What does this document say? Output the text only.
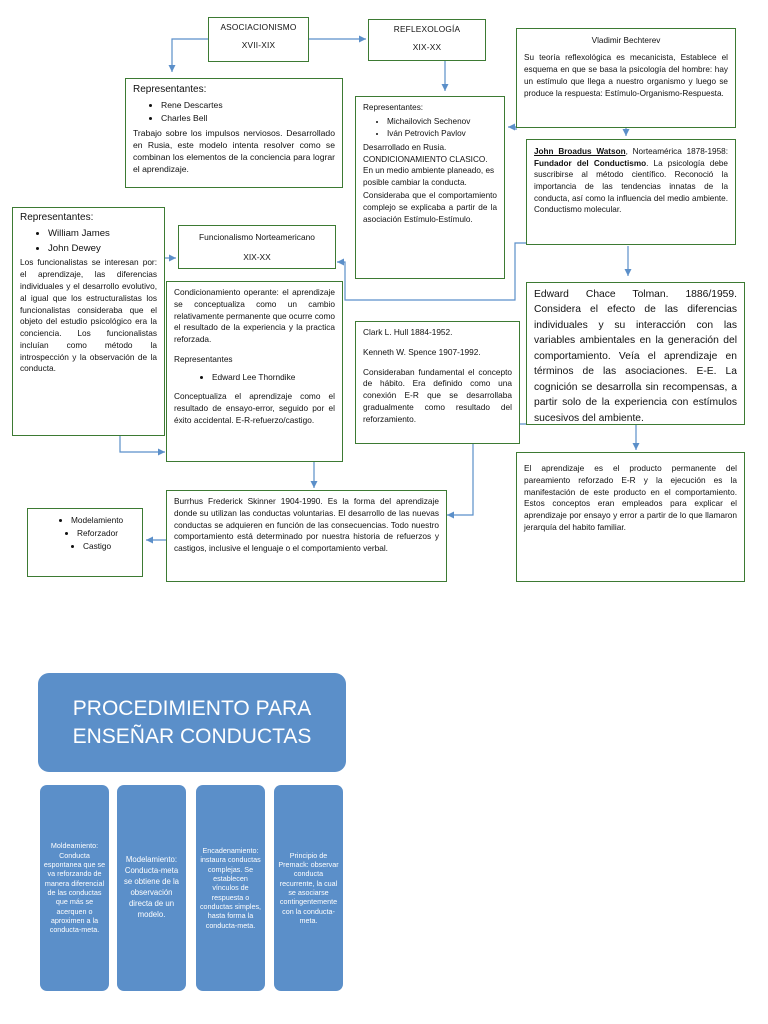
ASOCIACIONISMO

XVII-XIX

REFLEXOLOGÍA

XIX-XX

Vladimir Bechterev

Su teoría reflexológica es mecanicista, Establece el esquema en que se basa la psicología del hombre: hay un estímulo que llega a nuestro organismo y luego se produce la respuesta: Estímulo-Organismo-Respuesta.

Representantes:

• Rene Descartes
• Charles Bell

Trabajo sobre los impulsos nerviosos. Desarrollado en Rusia, este modelo intenta resolver como se combinan los elementos de la conciencia para lograr el aprendizaje.

Representantes:

• Michailovich Sechenov
• Iván Petrovich Pavlov

Desarrollado en Rusia. CONDICIONAMIENTO CLASICO. En un medio ambiente planeado, es posible cambiar la conducta.

Consideraba que el comportamiento complejo se explicaba a partir de la asociación Estímulo-Estímulo.

John Broadus Watson, Norteamérica 1878-1958: Fundador del Conductismo. La psicología debe suscribirse al método científico. Reconoció la importancia de las tendencias innatas de la conducta, así como la influencia del medio ambiente. Conductismo molecular.

Representantes:

• William James
• John Dewey

Los funcionalistas se interesan por: el aprendizaje, las diferencias individuales y el desarrollo evolutivo, al igual que los estructuralistas los funcionalistas consideraba que el objeto del estudio psicológico era la conciencia. Los funcionalistas incluían como método la introspección y la observación de la conducta.

Funcionalismo Norteamericano

XIX-XX

Condicionamiento operante: el aprendizaje se conceptualiza como un cambio relativamente permanente que ocurre como el resultado de la experiencia y la practica reforzada.

Representantes

• Edward Lee Thorndike

Conceptualiza el aprendizaje como el resultado de ensayo-error, seguido por el éxito accidental. E-R-refuerzo/castigo.

Clark L. Hull 1884-1952.

Kenneth W. Spence 1907-1992.

Consideraban fundamental el concepto de hábito. Era definido como una conexión E-R que se desarrollaba gradualmente como resultado del reforzamiento.

Edward Chace Tolman. 1886/1959. Considera el efecto de las diferencias individuales y su interacción con las variables ambientales en la generación del comportamiento. Veía el aprendizaje en términos de las asociaciones. E-E. La cognición se desarrolla sin recompensas, a partir solo de la experiencia con estímulos sucesivos del ambiente.

El aprendizaje es el producto permanente del pareamiento reforzado E-R y la ejecución es la manifestación de este producto en el comportamiento. Estos conceptos eran empleados para explicar el aprendizaje por ensayo y error a partir de lo que llamaron jerarquía del habito familiar.

Burrhus Frederick Skinner 1904-1990. Es la forma del aprendizaje donde su utilizan las conductas voluntarias. El desarrollo de las nuevas conductas se adquieren en función de las consecuencias. Todo nuestro comportamiento está determinado por nuestra historia de refuerzos y castigos, inclusive el lenguaje o el comportamiento verbal.

• Modelamiento
• Reforzador
• Castigo
PROCEDIMIENTO PARA ENSEÑAR CONDUCTAS
Moldeamiento: Conducta espontanea que se va reforzando de manera diferencial de las conductas que más se acerquen o aproximen a la conducta-meta.
Modelamiento: Conducta-meta se obtiene de la observación directa de un modelo.
Encadenamiento: instaura conductas complejas. Se establecen vínculos de respuesta o conductas simples, hasta forma la conducta-meta.
Principio de Premack: observar conducta recurrente, la cual se asociarse contingentemente con la conducta-meta.
